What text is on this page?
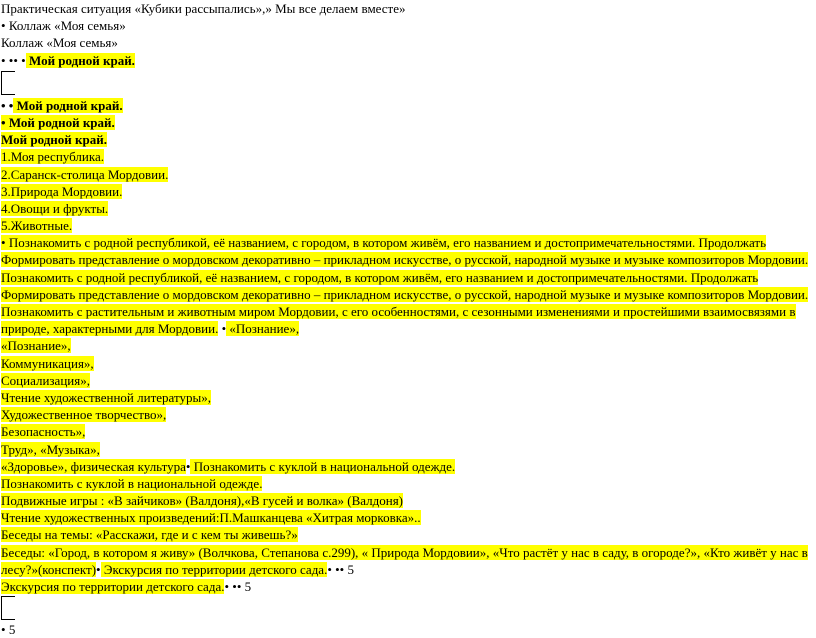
Практическая ситуация «Кубики рассыпались»,» Мы все делаем вместе»
• Коллаж «Моя семья»
Коллаж «Моя семья»
• •• • Мой родной край.
• • Мой родной край.
• Мой родной край.
Мой родной край.
1.Моя республика.
2.Саранск-столица Мордовии.
3.Природа Мордовии.
4.Овощи и фрукты.
5.Животные.
• Познакомить с родной республикой, её названием, с городом, в котором живём, его названием и достопримечательностями. Продолжать
Формировать представление о мордовском декоративно – прикладном искусстве, о русской, народной музыке и музыке композиторов Мордовии.
Познакомить с родной республикой, её названием, с городом, в котором живём, его названием и достопримечательностями. Продолжать
Формировать представление о мордовском декоративно – прикладном искусстве, о русской, народной музыке и музыке композиторов Мордовии.
Познакомить с растительным и животным миром Мордовии, с его особенностями, с сезонными изменениями и простейшими взаимосвязями в
природе, характерными для Мордовии. • «Познание»,
«Познание»,
Коммуникация»,
Социализация»,
Чтение художественной литературы»,
Художественное творчество»,
Безопасность»,
Труд», «Музыка»,
«Здоровье», физическая культура• Познакомить с куклой в национальной одежде.
Познакомить с куклой в национальной одежде.
Подвижные игры : «В зайчиков» (Валдоня),«В гусей и волка» (Валдоня)
Чтение художественных произведений:П.Машканцева «Хитрая морковка»..
Беседы на темы: «Расскажи, где и с кем ты живешь?»
Беседы: «Город, в котором я живу» (Волчкова, Степанова с.299), « Природа Мордовии», «Что растёт у нас в саду, в огороде?», «Кто живёт у нас в
лесу?»(конспект)• Экскурсия по территории детского сада.• •• 5
Экскурсия по территории детского сада.• •• 5
• 5
